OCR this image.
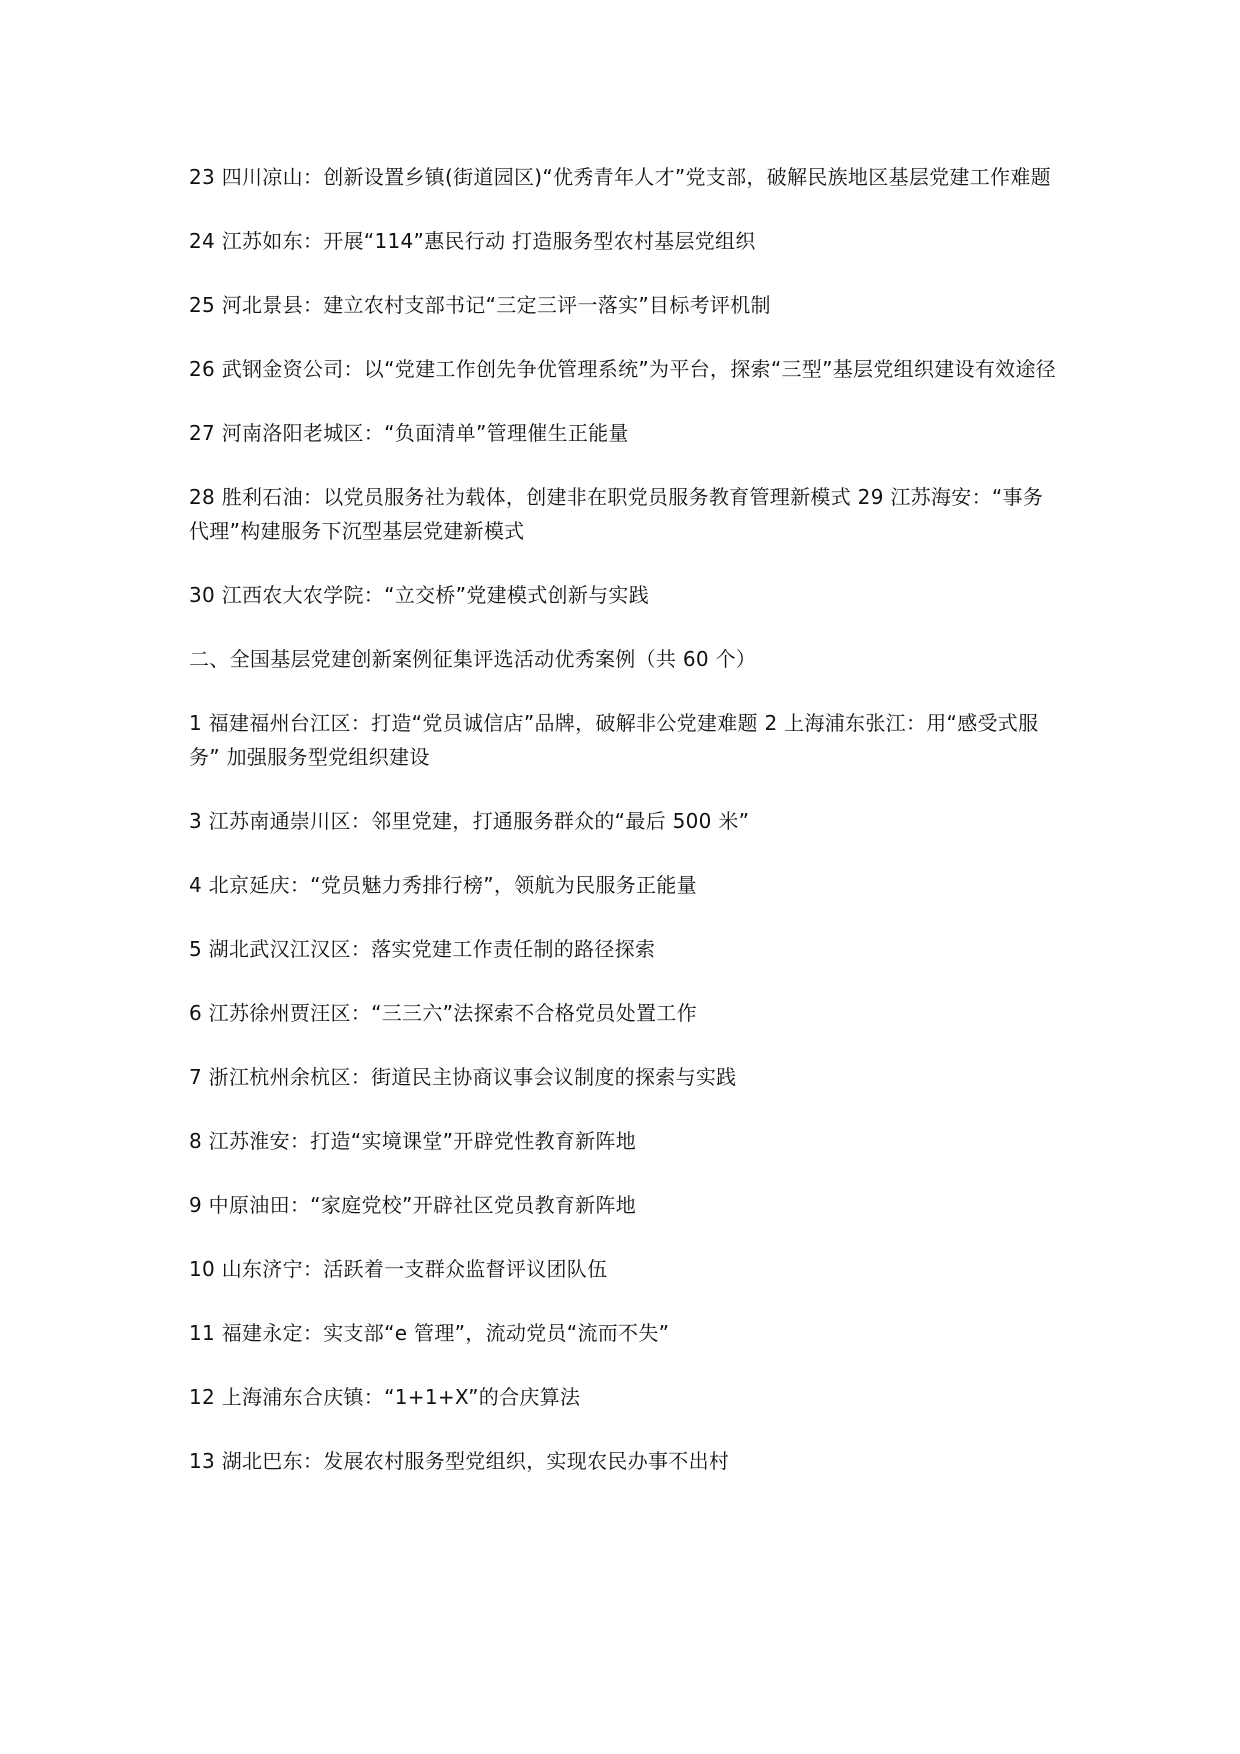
23 四川凉山：创新设置乡镇(街道园区)“优秀青年人才”党支部，破解民族地区基层党建工作难题

24 江苏如东：开展“114”惠民行动 打造服务型农村基层党组织

25 河北景县：建立农村支部书记“三定三评一落实”目标考评机制

26 武钢金资公司：以“党建工作创先争优管理系统”为平台，探索“三型”基层党组织建设有效途径

27 河南洛阳老城区：“负面清单”管理催生正能量

28 胜利石油：以党员服务社为载体，创建非在职党员服务教育管理新模式 29 江苏海安：“事务代理”构建服务下沉型基层党建新模式

30 江西农大农学院：“立交桥”党建模式创新与实践

二、全国基层党建创新案例征集评选活动优秀案例（共 60 个）

1 福建福州台江区：打造“党员诚信店”品牌，破解非公党建难题 2 上海浦东张江：用“感受式服务” 加强服务型党组织建设

3 江苏南通崇川区：邻里党建，打通服务群众的“最后 500 米”

4 北京延庆：“党员魅力秀排行榜”，领航为民服务正能量

5 湖北武汉江汉区：落实党建工作责任制的路径探索

6 江苏徐州贾汪区：“三三六”法探索不合格党员处置工作

7 浙江杭州余杭区：街道民主协商议事会议制度的探索与实践

8 江苏淮安：打造“实境课堂”开辟党性教育新阵地

9 中原油田：“家庭党校”开辟社区党员教育新阵地

10 山东济宁：活跃着一支群众监督评议团队伍

11 福建永定：实支部“e 管理”，流动党员“流而不失”

12 上海浦东合庆镇：“1+1+X”的合庆算法

13 湖北巴东：发展农村服务型党组织，实现农民办事不出村
